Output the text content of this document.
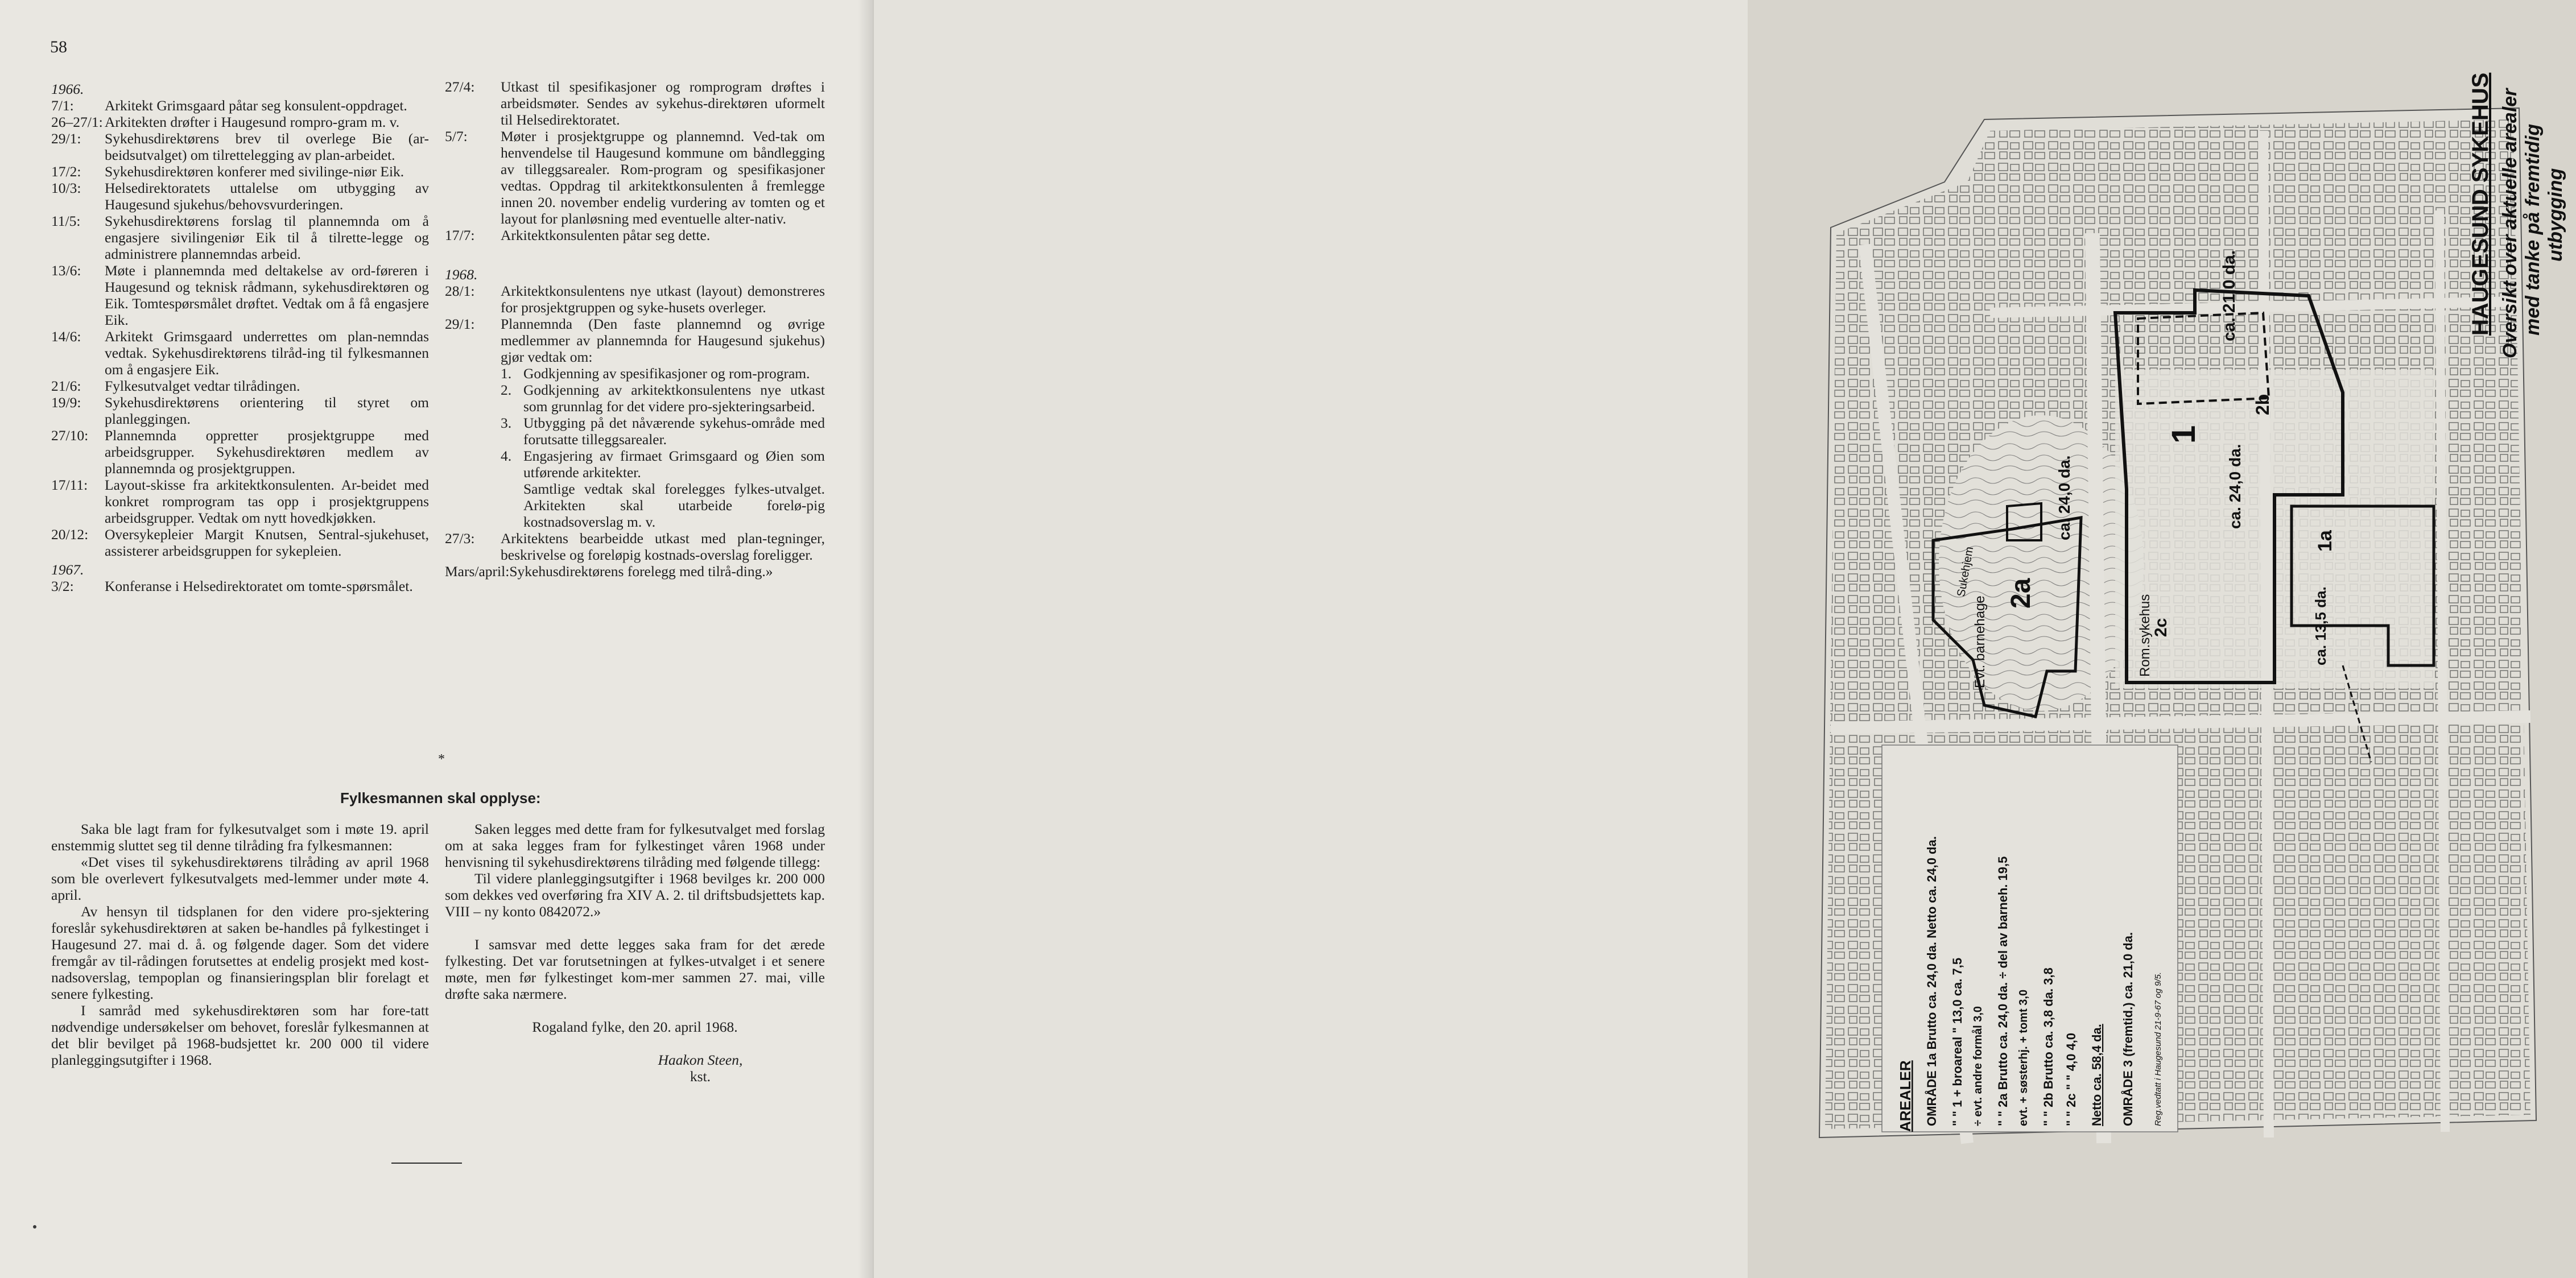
58
1966.
7/1:	Arkitekt Grimsgaard påtar seg konsulent-oppdraget.
26–27/1: Arkitekten drøfter i Haugesund rompro-gram m. v.
29/1:	Sykehusdirektørens brev til overlege Bie (ar-beidsutvalget) om tilrettelegging av plan-arbeidet.
17/2:	Sykehusdirektøren konferer med sivilinge-niør Eik.
10/3:	Helsedirektoratets uttalelse om utbygging av Haugesund sjukehus/behovsvurderingen.
11/5:	Sykehusdirektørens forslag til plannemnda om å engasjere sivilingeniør Eik til å tilrette-legge og administrere plannemndas arbeid.
13/6:	Møte i plannemnda med deltakelse av ord-føreren i Haugesund og teknisk rådmann, sykehusdirektøren og Eik. Tomtespørsmålet drøftet. Vedtak om å få engasjere Eik.
14/6:	Arkitekt Grimsgaard underrettes om plan-nemndas vedtak. Sykehusdirektørens tilråd-ing til fylkesmannen om å engasjere Eik.
21/6:	Fylkesutvalget vedtar tilrådingen.
19/9:	Sykehusdirektørens orientering til styret om planleggingen.
27/10:	Plannemnda oppretter prosjektgruppe med arbeidsgrupper. Sykehusdirektøren medlem av plannemnda og prosjektgruppen.
17/11:	Layout-skisse fra arkitektkonsulenten. Ar-beidet med konkret romprogram tas opp i prosjektgruppens arbeidsgrupper. Vedtak om nytt hovedkjøkken.
20/12:	Oversykepleier Margit Knutsen, Sentral-sjukehuset, assisterer arbeidsgruppen for sykepleien.
1967.
3/2:	Konferanse i Helsedirektoratet om tomte-spørsmålet.
27/4:	Utkast til spesifikasjoner og romprogram drøftes i arbeidsmøter. Sendes av sykehus-direktøren uformelt til Helsedirektoratet.
5/7:	Møter i prosjektgruppe og plannemnd. Ved-tak om henvendelse til Haugesund kommune om båndlegging av tilleggsarealer. Rom-program og spesifikasjoner vedtas. Oppdrag til arkitektkonsulenten å fremlegge innen 20. november endelig vurdering av tomten og et layout for planløsning med eventuelle alter-nativ.
17/7:	Arkitektkonsulenten påtar seg dette.
1968.
28/1:	Arkitektkonsulentens nye utkast (layout) demonstreres for prosjektgruppen og syke-husets overleger.
29/1:	Plannemnda (Den faste plannemnd og øvrige medlemmer av plannemnda for Haugesund sjukehus) gjør vedtak om:
1. Godkjenning av spesifikasjoner og rom-program.
2. Godkjenning av arkitektkonsulentens nye utkast som grunnlag for det videre pro-sjekteringsarbeid.
3. Utbygging på det nåværende sykehus-område med forutsatte tilleggsarealer.
4. Engasjering av firmaet Grimsgaard og Øien som utførende arkitekter.
Samtlige vedtak skal forelegges fylkes-utvalget. Arkitekten skal utarbeide forelø-pig kostnadsoverslag m. v.
27/3:	Arkitektens bearbeidde utkast med plan-tegninger, beskrivelse og foreløpig kostnads-overslag foreligger.
Mars/april: Sykehusdirektørens forelegg med tilrå-ding.»
*
Fylkesmannen skal opplyse:

Saka ble lagt fram for fylkesutvalget som i møte 19. april enstemmig sluttet seg til denne tilråding fra fylkesmannen:

«Det vises til sykehusdirektørens tilråding av april 1968 som ble overlevert fylkesutvalgets med-lemmer under møte 4. april.

Av hensyn til tidsplanen for den videre pro-sjektering foreslår sykehusdirektøren at saken be-handles på fylkestinget i Haugesund 27. mai d. å. og følgende dager. Som det videre fremgår av til-rådingen forutsettes at endelig prosjekt med kost-nadsoverslag, tempoplan og finansieringsplan blir forelagt et senere fylkesting.

I samråd med sykehusdirektøren som har fore-tatt nødvendige undersøkelser om behovet, foreslår fylkesmannen at det blir bevilget på 1968-budsjettet kr. 200 000 til videre planleggingsutgifter i 1968.

Saken legges med dette fram for fylkesutvalget med forslag om at saka legges fram for fylkestinget våren 1968 under henvisning til sykehusdirektørens tilråding med følgende tillegg:

Til videre planleggingsutgifter i 1968 bevilges kr. 200 000 som dekkes ved overføring fra XIV A. 2. til driftsbudsjettets kap. VIII – ny konto 0842072.»

I samsvar med dette legges saka fram for det ærede fylkesting. Det var forutsetningen at fylkes-utvalget i et senere møte, men før fylkestinget kom-mer sammen 27. mai, ville drøfte saka nærmere.

Rogaland fylke, den 20. april 1968.

Haakon Steen,

kst.

1
1a
2a
2b
2c
ca. 21,0 da.
ca. 24,0 da.
ca. 24,0 da.
ca. 13,5 da.
Rom.sykehus
Evt. barnehage
Sukehjem
HAUGESUND SYKEHUS Oversikt over aktuelle arealer med tanke på fremtidig utbygging
AREALER OMRÅDE 1a Brutto ca. 24,0 da. Netto ca. 24,0 da. " " 1 + broareal " 13,0 ca. 7,5 ÷ evt. andre formål 3,0 " " 2a Brutto ca. 24,0 da. ÷ del av barneh. 19,5 evt. + søsterhj. + tomt 3,0 " " 2b Brutto ca. 3,8 da. 3,8 " " 2c " " 4,0 4,0 Netto ca. 58,4 da. OMRÅDE 3 (fremtid.) ca. 21,0 da. Reg.vedtatt i Haugesund 21-9-67 og 9/5.
